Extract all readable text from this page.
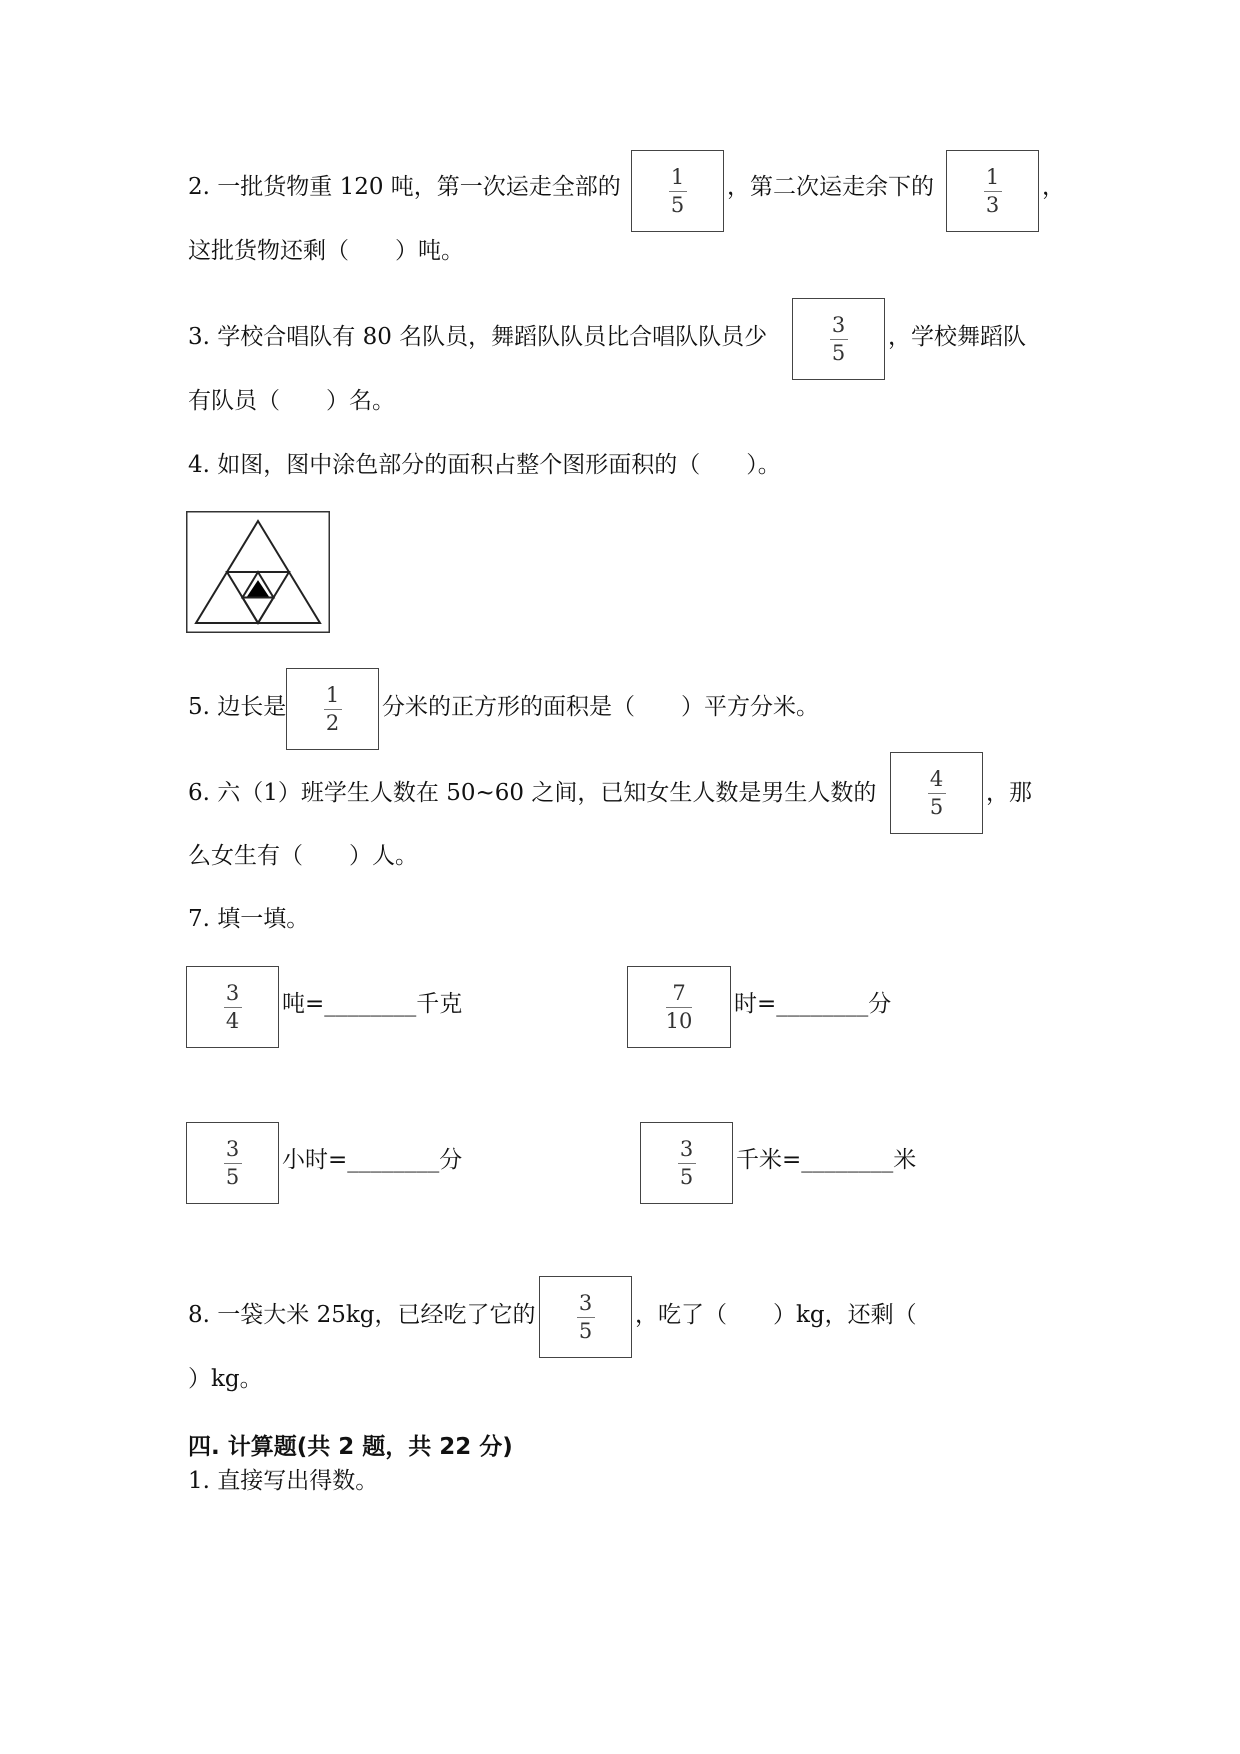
2. 一批货物重 120 吨，第一次运走全部的 1
5
，第二次运走余下的 1
3
，
这批货物还剩（　　）吨。
3. 学校合唱队有 80 名队员，舞蹈队队员比合唱队队员少	3
5
，学校舞蹈队
有队员（　　）名。
4. 如图，图中涂色部分的面积占整个图形面积的（　　）。
5. 边长是 1
2
分米的正方形的面积是（　　）平方分米。
6. 六（1）班学生人数在 50~60 之间，已知女生人数是男生人数的
4
5
，那
么女生有（　　）人。
7. 填一填。
3
4
吨=________千克	7
10
时=________分
3
5
小时=________分	3
5
千米=________米
8. 一袋大米 25kg，已经吃了它的 3
5
，吃了（　　）kg，还剩（
）kg。
四. 计算题(共 2 题，共 22 分)
1. 直接写出得数。
